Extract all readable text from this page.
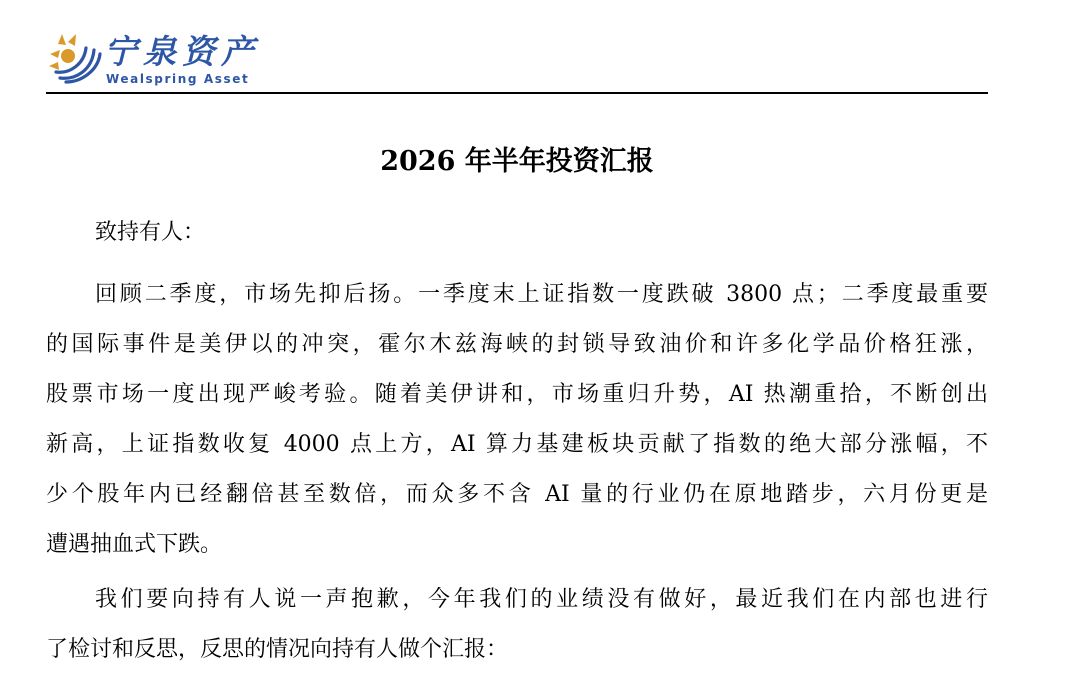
宁泉资产
Wealspring Asset
2026 年半年投资汇报
致持有人：
回顾二季度，市场先抑后扬。一季度末上证指数一度跌破 3800 点；二季度最重要
的国际事件是美伊以的冲突，霍尔木兹海峡的封锁导致油价和许多化学品价格狂涨，
股票市场一度出现严峻考验。随着美伊讲和，市场重归升势，AI 热潮重拾，不断创出
新高，上证指数收复 4000 点上方，AI 算力基建板块贡献了指数的绝大部分涨幅，不
少个股年内已经翻倍甚至数倍，而众多不含 AI 量的行业仍在原地踏步，六月份更是
遭遇抽血式下跌。
我们要向持有人说一声抱歉，今年我们的业绩没有做好，最近我们在内部也进行
了检讨和反思，反思的情况向持有人做个汇报：
